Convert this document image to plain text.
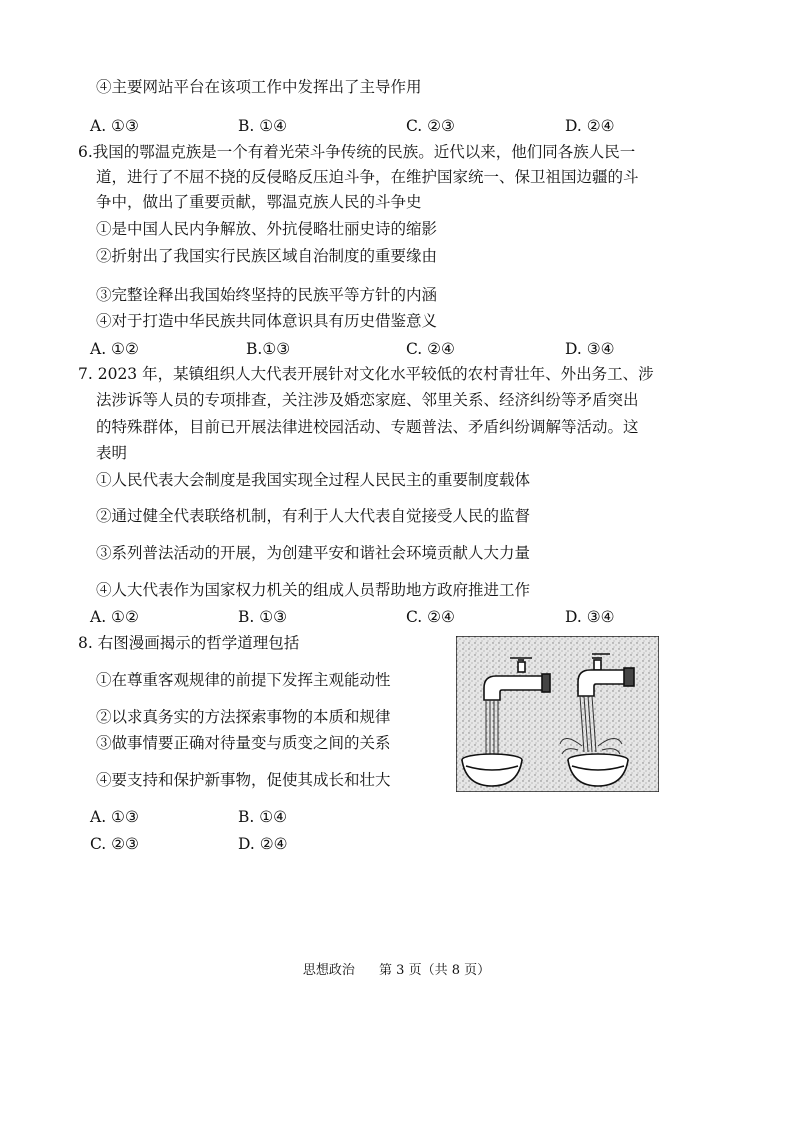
④主要网站平台在该项工作中发挥出了主导作用
A. ①③	B. ①④	C. ②③	D. ②④
6.我国的鄂温克族是一个有着光荣斗争传统的民族。近代以来，他们同各族人民一
道，进行了不屈不挠的反侵略反压迫斗争，在维护国家统一、保卫祖国边疆的斗
争中，做出了重要贡献，鄂温克族人民的斗争史
①是中国人民内争解放、外抗侵略壮丽史诗的缩影
②折射出了我国实行民族区域自治制度的重要缘由
③完整诠释出我国始终坚持的民族平等方针的内涵
④对于打造中华民族共同体意识具有历史借鉴意义
A. ①②	B.①③	C. ②④	D. ③④
7. 2023 年，某镇组织人大代表开展针对文化水平较低的农村青壮年、外出务工、涉
法涉诉等人员的专项排查，关注涉及婚恋家庭、邻里关系、经济纠纷等矛盾突出
的特殊群体，目前已开展法律进校园活动、专题普法、矛盾纠纷调解等活动。这
表明
①人民代表大会制度是我国实现全过程人民民主的重要制度载体
②通过健全代表联络机制，有利于人大代表自觉接受人民的监督
③系列普法活动的开展，为创建平安和谐社会环境贡献人大力量
④人大代表作为国家权力机关的组成人员帮助地方政府推进工作
A. ①②	B. ①③	C. ②④	D. ③④
8. 右图漫画揭示的哲学道理包括
①在尊重客观规律的前提下发挥主观能动性
②以求真务实的方法探索事物的本质和规律
③做事情要正确对待量变与质变之间的关系
④要支持和保护新事物，促使其成长和壮大
A. ①③	B. ①④
C. ②③	D. ②④
思想政治 第 3 页（共 8 页）
